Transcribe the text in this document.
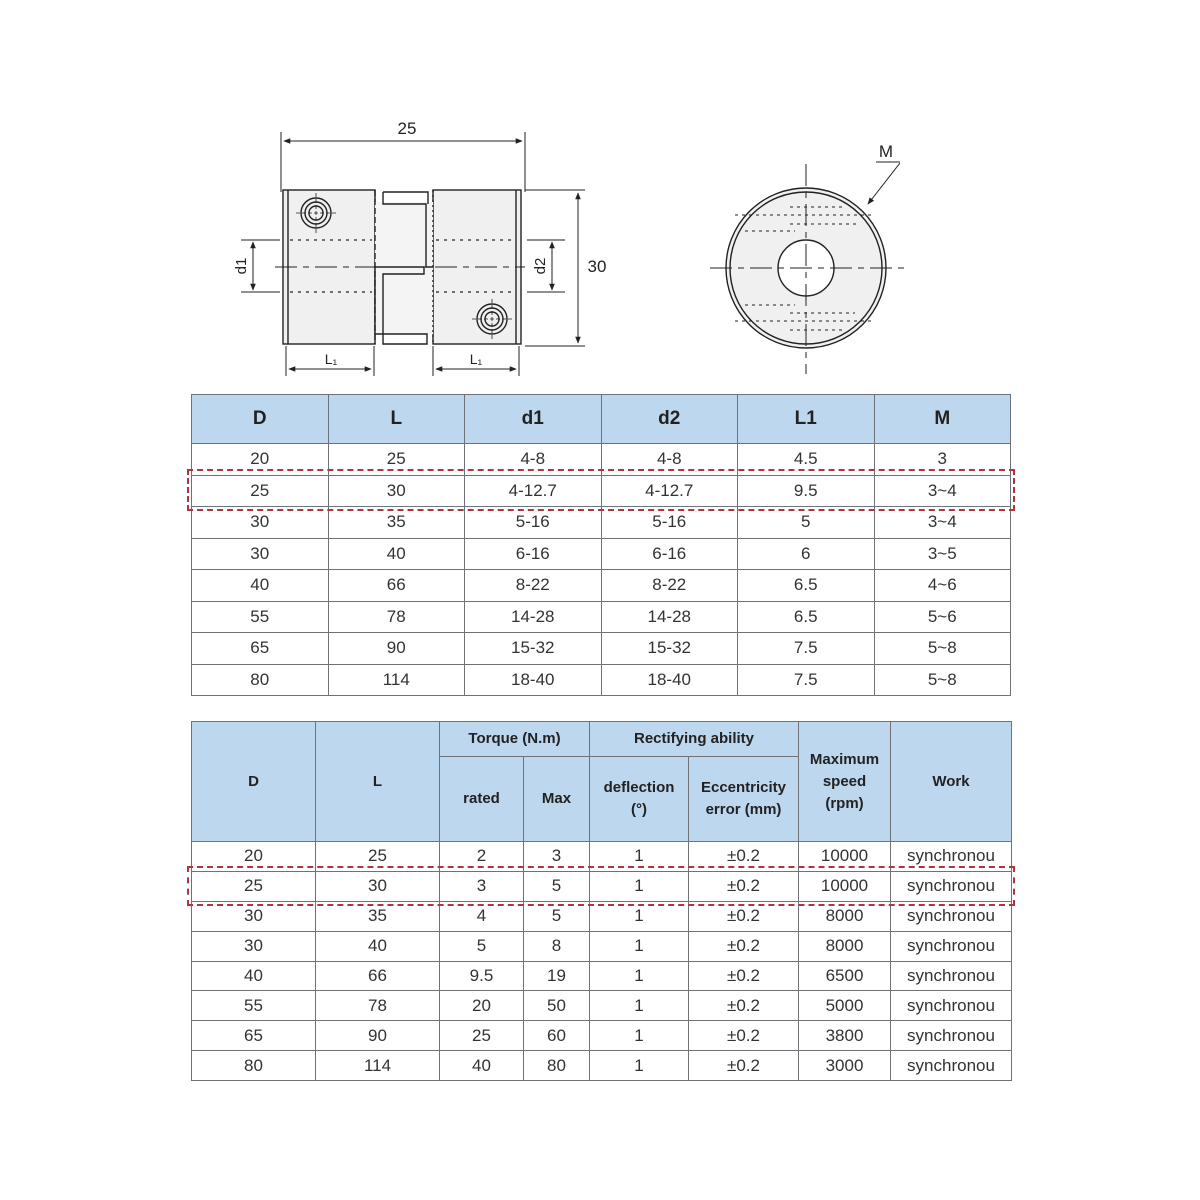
25
30
d1	d2
L₁	L₁
M
D	L	d1	d2	L1	M
20	25	4-8	4-8	4.5	3
25	30	4-12.7	4-12.7	9.5	3~4
30	35	5-16	5-16	5	3~4
30	40	6-16	6-16	6	3~5
40	66	8-22	8-22	6.5	4~6
55	78	14-28	14-28	6.5	5~6
65	90	15-32	15-32	7.5	5~8
80	114	18-40	18-40	7.5	5~8
D	L	Torque (N.m)		Rectifying ability		Maximum speed (rpm)	Work
		rated	Max	deflection (°)	Eccentricity error (mm)		
20	25	2	3	1	±0.2	10000	synchronou
25	30	3	5	1	±0.2	10000	synchronou
30	35	4	5	1	±0.2	8000	synchronou
30	40	5	8	1	±0.2	8000	synchronou
40	66	9.5	19	1	±0.2	6500	synchronou
55	78	20	50	1	±0.2	5000	synchronou
65	90	25	60	1	±0.2	3800	synchronou
80	114	40	80	1	±0.2	3000	synchronou
